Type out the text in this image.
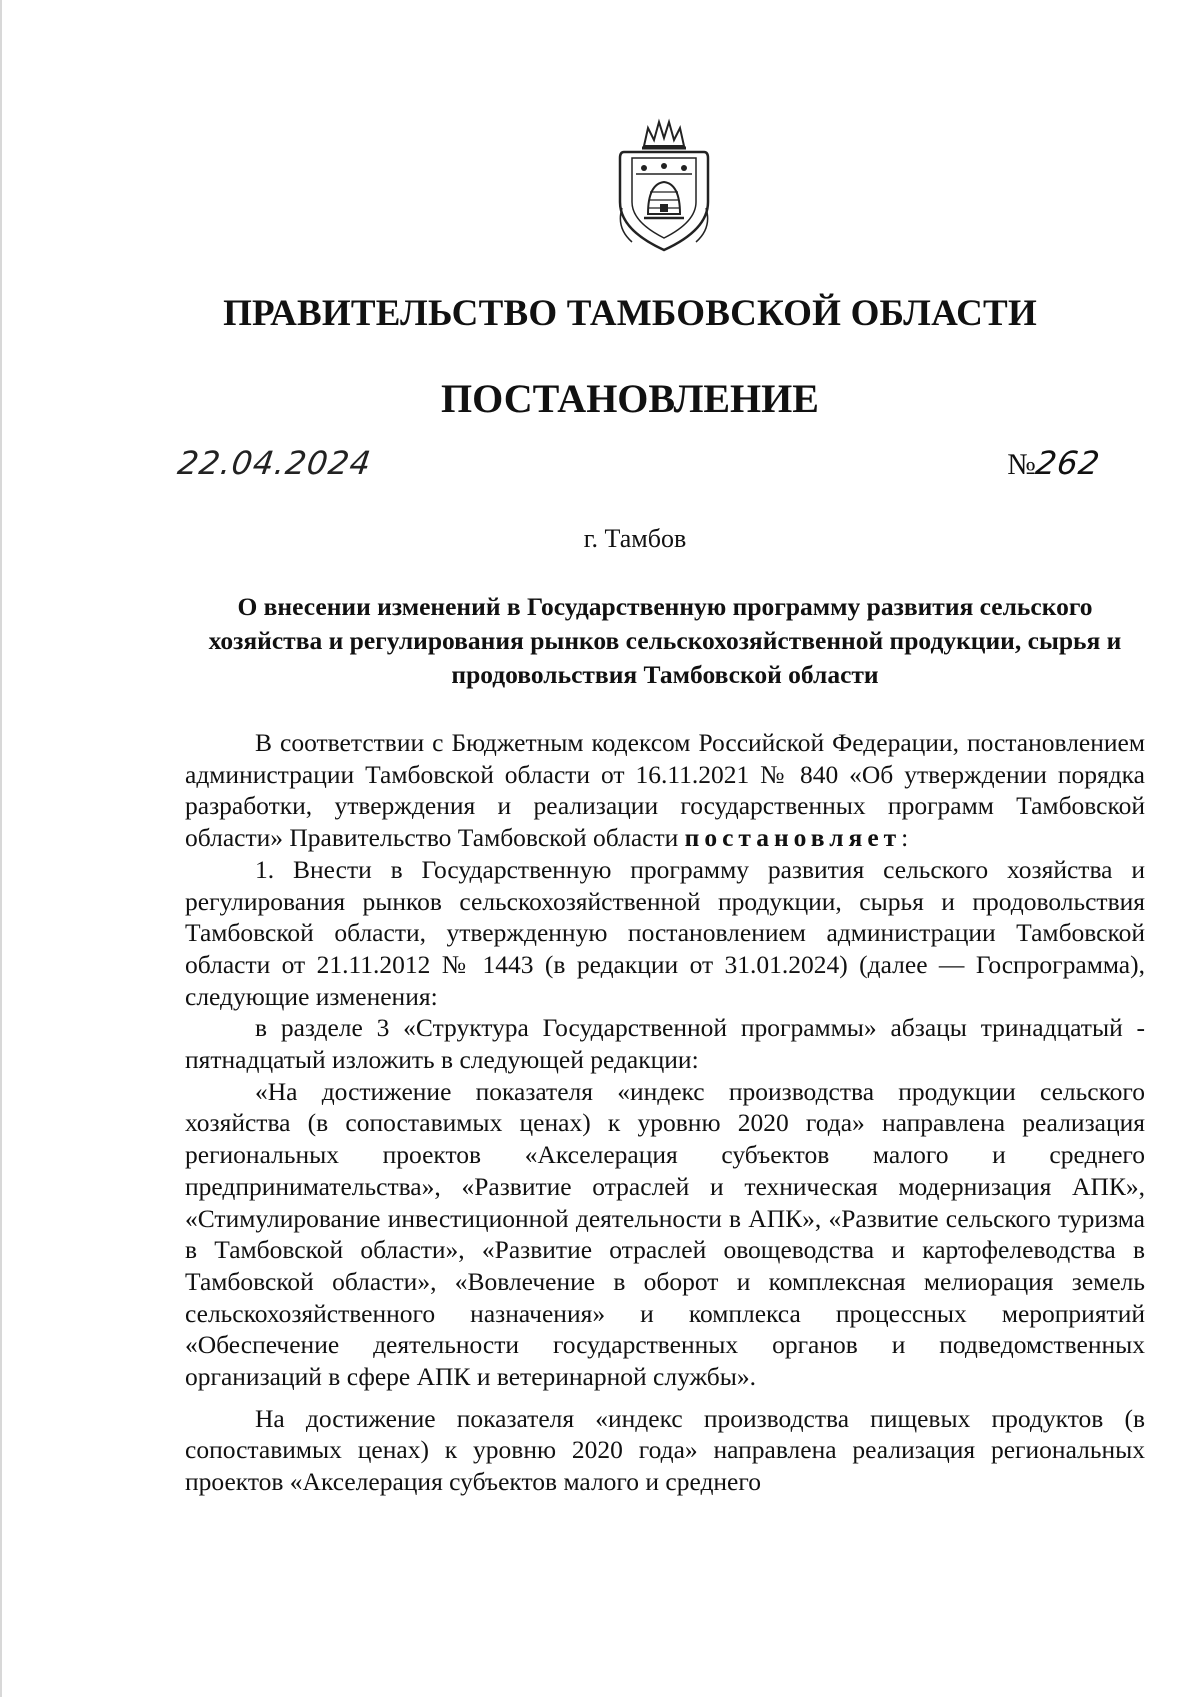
ПРАВИТЕЛЬСТВО ТАМБОВСКОЙ ОБЛАСТИ
ПОСТАНОВЛЕНИЕ
22.04.2024	№262
г. Тамбов
О внесении изменений в Государственную программу развития сельского хозяйства и регулирования рынков сельскохозяйственной продукции, сырья и продовольствия Тамбовской области

В соответствии с Бюджетным кодексом Российской Федерации, постановлением администрации Тамбовской области от 16.11.2021 № 840 «Об утверждении порядка разработки, утверждения и реализации государственных программ Тамбовской области» Правительство Тамбовской области постановляет:

1. Внести в Государственную программу развития сельского хозяйства и регулирования рынков сельскохозяйственной продукции, сырья и продовольствия Тамбовской области, утвержденную постановлением администрации Тамбовской области от 21.11.2012 № 1443 (в редакции от 31.01.2024) (далее — Госпрограмма), следующие изменения:

в разделе 3 «Структура Государственной программы» абзацы тринадцатый - пятнадцатый изложить в следующей редакции:

«На достижение показателя «индекс производства продукции сельского хозяйства (в сопоставимых ценах) к уровню 2020 года» направлена реализация региональных проектов «Акселерация субъектов малого и среднего предпринимательства», «Развитие отраслей и техническая модернизация АПК», «Стимулирование инвестиционной деятельности в АПК», «Развитие сельского туризма в Тамбовской области», «Развитие отраслей овощеводства и картофелеводства в Тамбовской области», «Вовлечение в оборот и комплексная мелиорация земель сельскохозяйственного назначения» и комплекса процессных мероприятий «Обеспечение деятельности государственных органов и подведомственных организаций в сфере АПК и ветеринарной службы».

На достижение показателя «индекс производства пищевых продуктов (в сопоставимых ценах) к уровню 2020 года» направлена реализация региональных проектов «Акселерация субъектов малого и среднего
